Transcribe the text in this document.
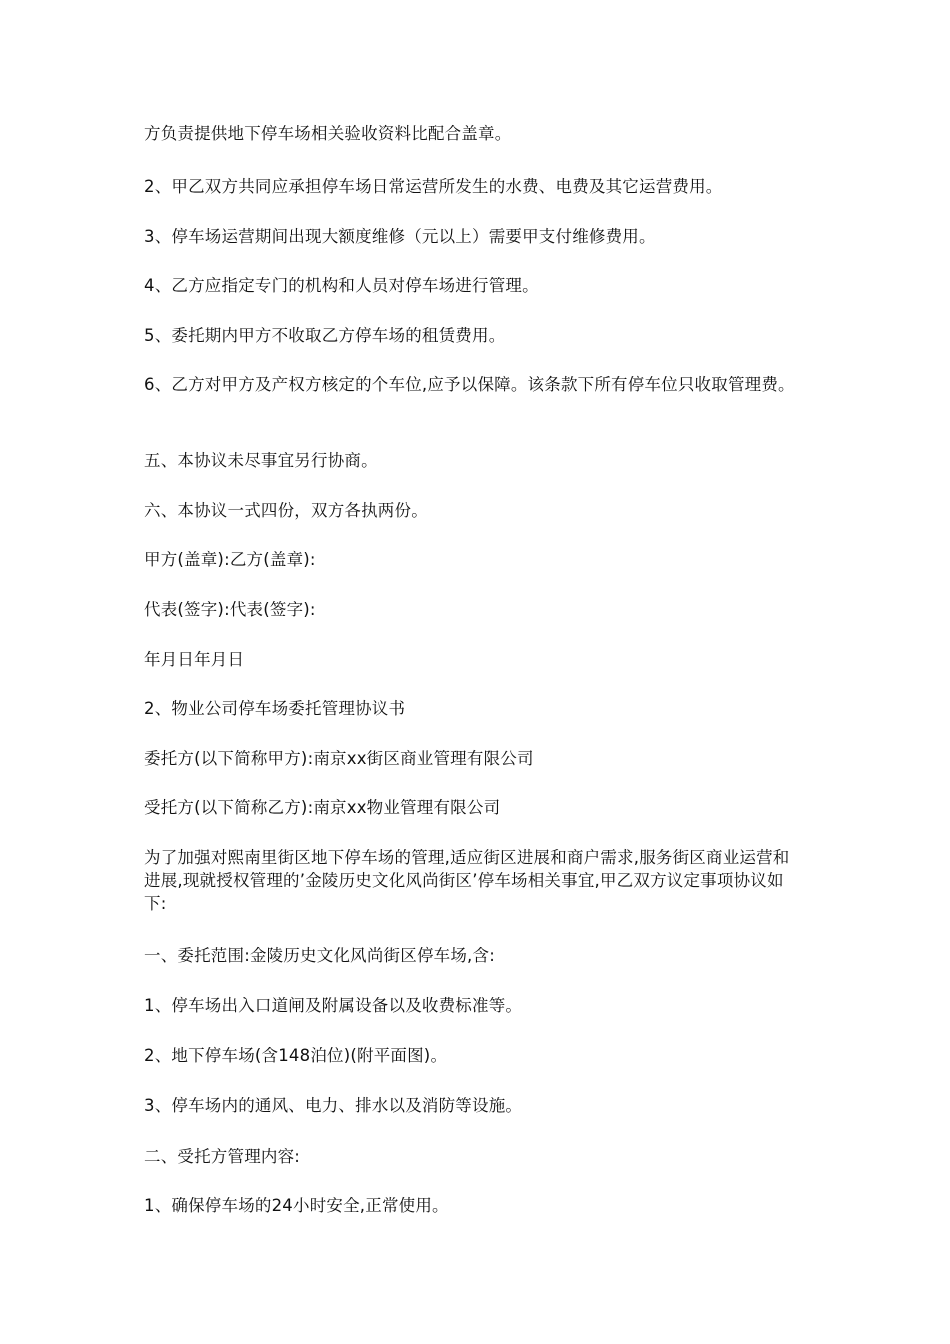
方负责提供地下停车场相关验收资料比配合盖章。

2、甲乙双方共同应承担停车场日常运营所发生的水费、电费及其它运营费用。

3、停车场运营期间出现大额度维修（元以上）需要甲支付维修费用。

4、乙方应指定专门的机构和人员对停车场进行管理。

5、委托期内甲方不收取乙方停车场的租赁费用。

6、乙方对甲方及产权方核定的个车位,应予以保障。该条款下所有停车位只收取管理费。

五、本协议未尽事宜另行协商。

六、本协议一式四份，双方各执两份。

甲方(盖章):乙方(盖章):

代表(签字):代表(签字):

年月日年月日

2、物业公司停车场委托管理协议书

委托方(以下简称甲方):南京xx街区商业管理有限公司

受托方(以下简称乙方):南京xx物业管理有限公司

为了加强对熙南里街区地下停车场的管理,适应街区进展和商户需求,服务街区商业运营和进展,现就授权管理的’金陵历史文化风尚街区’停车场相关事宜,甲乙双方议定事项协议如下:

一、委托范围:金陵历史文化风尚街区停车场,含:

1、停车场出入口道闸及附属设备以及收费标准等。

2、地下停车场(含148泊位)(附平面图)。

3、停车场内的通风、电力、排水以及消防等设施。

二、受托方管理内容:

1、确保停车场的24小时安全,正常使用。
